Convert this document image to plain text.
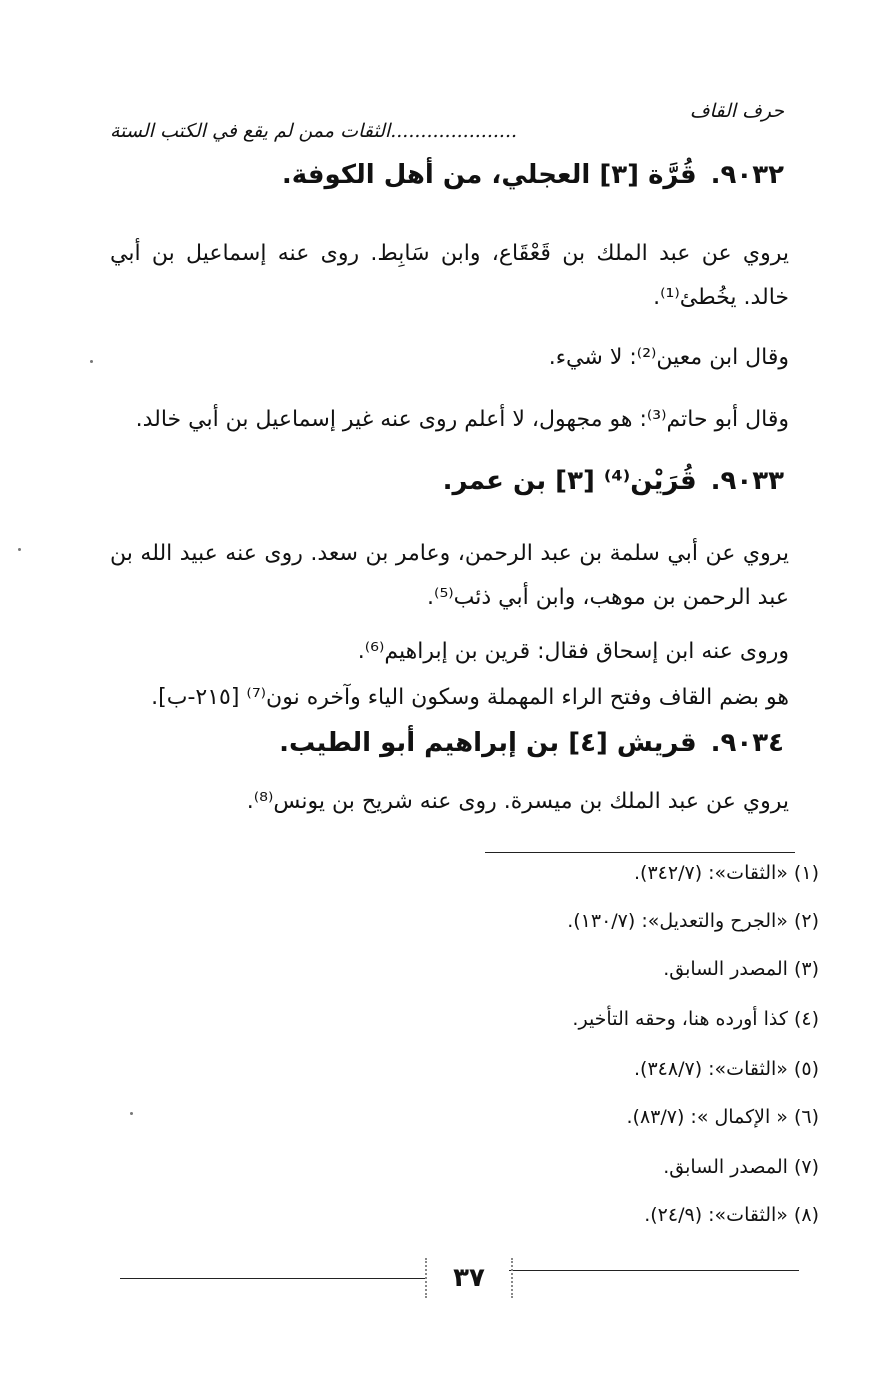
حرف القاف
.....................الثقات ممن لم يقع في الكتب الستة
٩٠٣٢.قُرَّة [٣] العجلي، من أهل الكوفة.
يروي عن عبد الملك بن قَعْقَاع، وابن سَابِط. روى عنه إسماعيل بن أبي خالد. يخُطئ⁽¹⁾.
وقال ابن معين⁽²⁾: لا شيء.
وقال أبو حاتم⁽³⁾: هو مجهول، لا أعلم روى عنه غير إسماعيل بن أبي خالد.
٩٠٣٣.قُرَيْن⁽⁴⁾ [٣] بن عمر.
يروي عن أبي سلمة بن عبد الرحمن، وعامر بن سعد. روى عنه عبيد الله بن عبد الرحمن بن موهب، وابن أبي ذئب⁽⁵⁾.
وروى عنه ابن إسحاق فقال: قرين بن إبراهيم⁽⁶⁾.
هو بضم القاف وفتح الراء المهملة وسكون الياء وآخره نون⁽⁷⁾ [٢١٥-ب].
٩٠٣٤.قريش [٤] بن إبراهيم أبو الطيب.
يروي عن عبد الملك بن ميسرة. روى عنه شريح بن يونس⁽⁸⁾.
(١) «الثقات»: (٣٤٢/٧).
(٢) «الجرح والتعديل»: (١٣٠/٧).
(٣) المصدر السابق.
(٤) كذا أورده هنا، وحقه التأخير.
(٥) «الثقات»: (٣٤٨/٧).
(٦) « الإكمال »: (٨٣/٧).
(٧) المصدر السابق.
(٨) «الثقات»: (٢٤/٩).
٣٧
